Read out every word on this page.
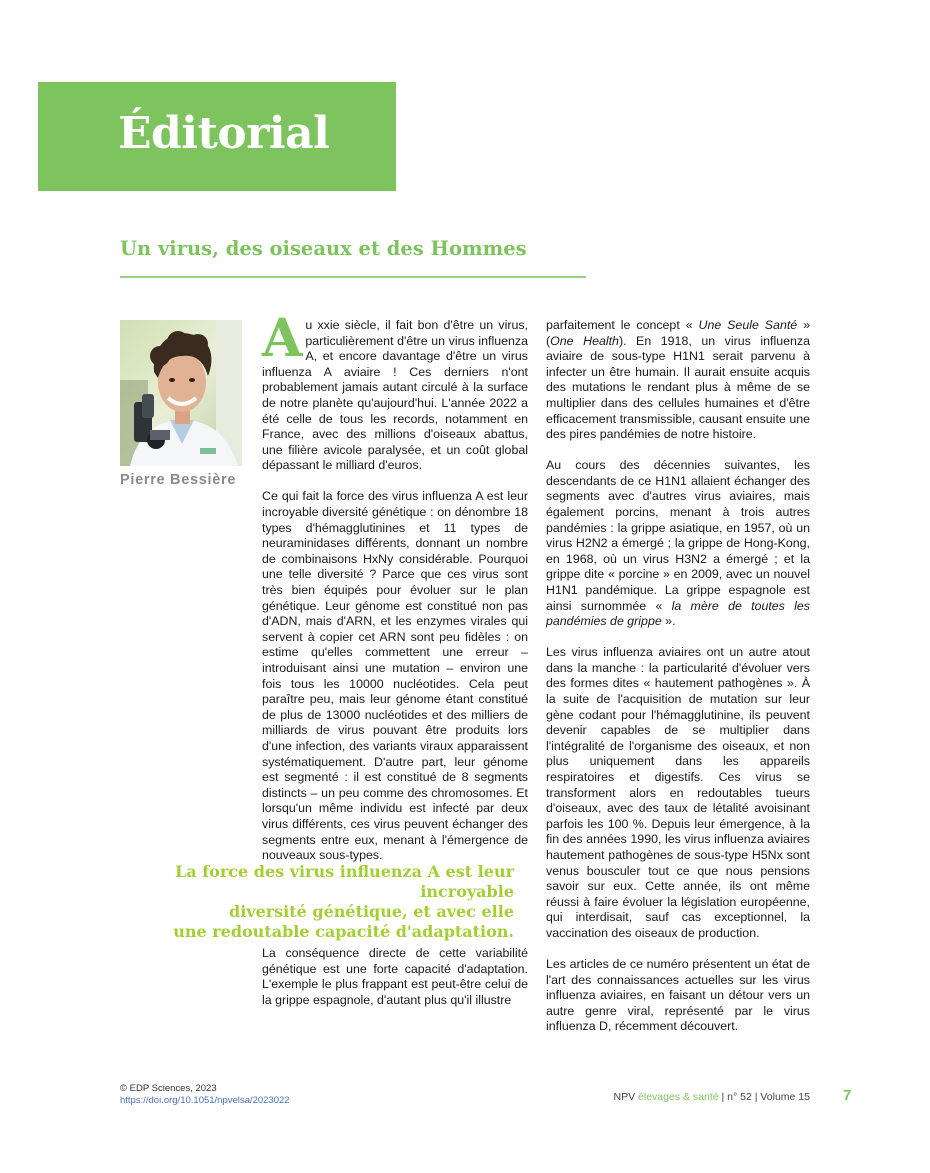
Éditorial
Un virus, des oiseaux et des Hommes
Pierre Bessière

Au xxie siècle, il fait bon d'être un virus, particulièrement d'être un virus influenza A, et encore davantage d'être un virus influenza A aviaire ! Ces derniers n'ont probablement jamais autant circulé à la surface de notre planète qu'aujourd'hui. L'année 2022 a été celle de tous les records, notamment en France, avec des millions d'oiseaux abattus, une filière avicole paralysée, et un coût global dépassant le milliard d'euros.

Ce qui fait la force des virus influenza A est leur incroyable diversité génétique : on dénombre 18 types d'hémagglutinines et 11 types de neuraminidases différents, donnant un nombre de combinaisons HxNy considérable. Pourquoi une telle diversité ? Parce que ces virus sont très bien équipés pour évoluer sur le plan génétique. Leur génome est constitué non pas d'ADN, mais d'ARN, et les enzymes virales qui servent à copier cet ARN sont peu fidèles : on estime qu'elles commettent une erreur – introduisant ainsi une mutation – environ une fois tous les 10000 nucléotides. Cela peut paraître peu, mais leur génome étant constitué de plus de 13000 nucléotides et des milliers de milliards de virus pouvant être produits lors d'une infection, des variants viraux apparaissent systématiquement. D'autre part, leur génome est segmenté : il est constitué de 8 segments distincts – un peu comme des chromosomes. Et lorsqu'un même individu est infecté par deux virus différents, ces virus peuvent échanger des segments entre eux, menant à l'émergence de nouveaux sous-types.

La force des virus influenza A est leur incroyable
diversité génétique, et avec elle
une redoutable capacité d'adaptation.

La conséquence directe de cette variabilité génétique est une forte capacité d'adaptation. L'exemple le plus frappant est peut-être celui de la grippe espagnole, d'autant plus qu'il illustre

parfaitement le concept « Une Seule Santé » (One Health). En 1918, un virus influenza aviaire de sous-type H1N1 serait parvenu à infecter un être humain. Il aurait ensuite acquis des mutations le rendant plus à même de se multiplier dans des cellules humaines et d'être efficacement transmissible, causant ensuite une des pires pandémies de notre histoire.

Au cours des décennies suivantes, les descendants de ce H1N1 allaient échanger des segments avec d'autres virus aviaires, mais également porcins, menant à trois autres pandémies : la grippe asiatique, en 1957, où un virus H2N2 a émergé ; la grippe de Hong-Kong, en 1968, où un virus H3N2 a émergé ; et la grippe dite « porcine » en 2009, avec un nouvel H1N1 pandémique. La grippe espagnole est ainsi surnommée « la mère de toutes les pandémies de grippe ».

Les virus influenza aviaires ont un autre atout dans la manche : la particularité d'évoluer vers des formes dites « hautement pathogènes ». À la suite de l'acquisition de mutation sur leur gène codant pour l'hémagglutinine, ils peuvent devenir capables de se multiplier dans l'intégralité de l'organisme des oiseaux, et non plus uniquement dans les appareils respiratoires et digestifs. Ces virus se transforment alors en redoutables tueurs d'oiseaux, avec des taux de létalité avoisinant parfois les 100 %. Depuis leur émergence, à la fin des années 1990, les virus influenza aviaires hautement pathogènes de sous-type H5Nx sont venus bousculer tout ce que nous pensions savoir sur eux. Cette année, ils ont même réussi à faire évoluer la législation européenne, qui interdisait, sauf cas exceptionnel, la vaccination des oiseaux de production.

Les articles de ce numéro présentent un état de l'art des connaissances actuelles sur les virus influenza aviaires, en faisant un détour vers un autre genre viral, représenté par le virus influenza D, récemment découvert.

© EDP Sciences, 2023
https://doi.org/10.1051/npvelsa/2023022	NPV élevages & santé | n° 52 | Volume 15 7
